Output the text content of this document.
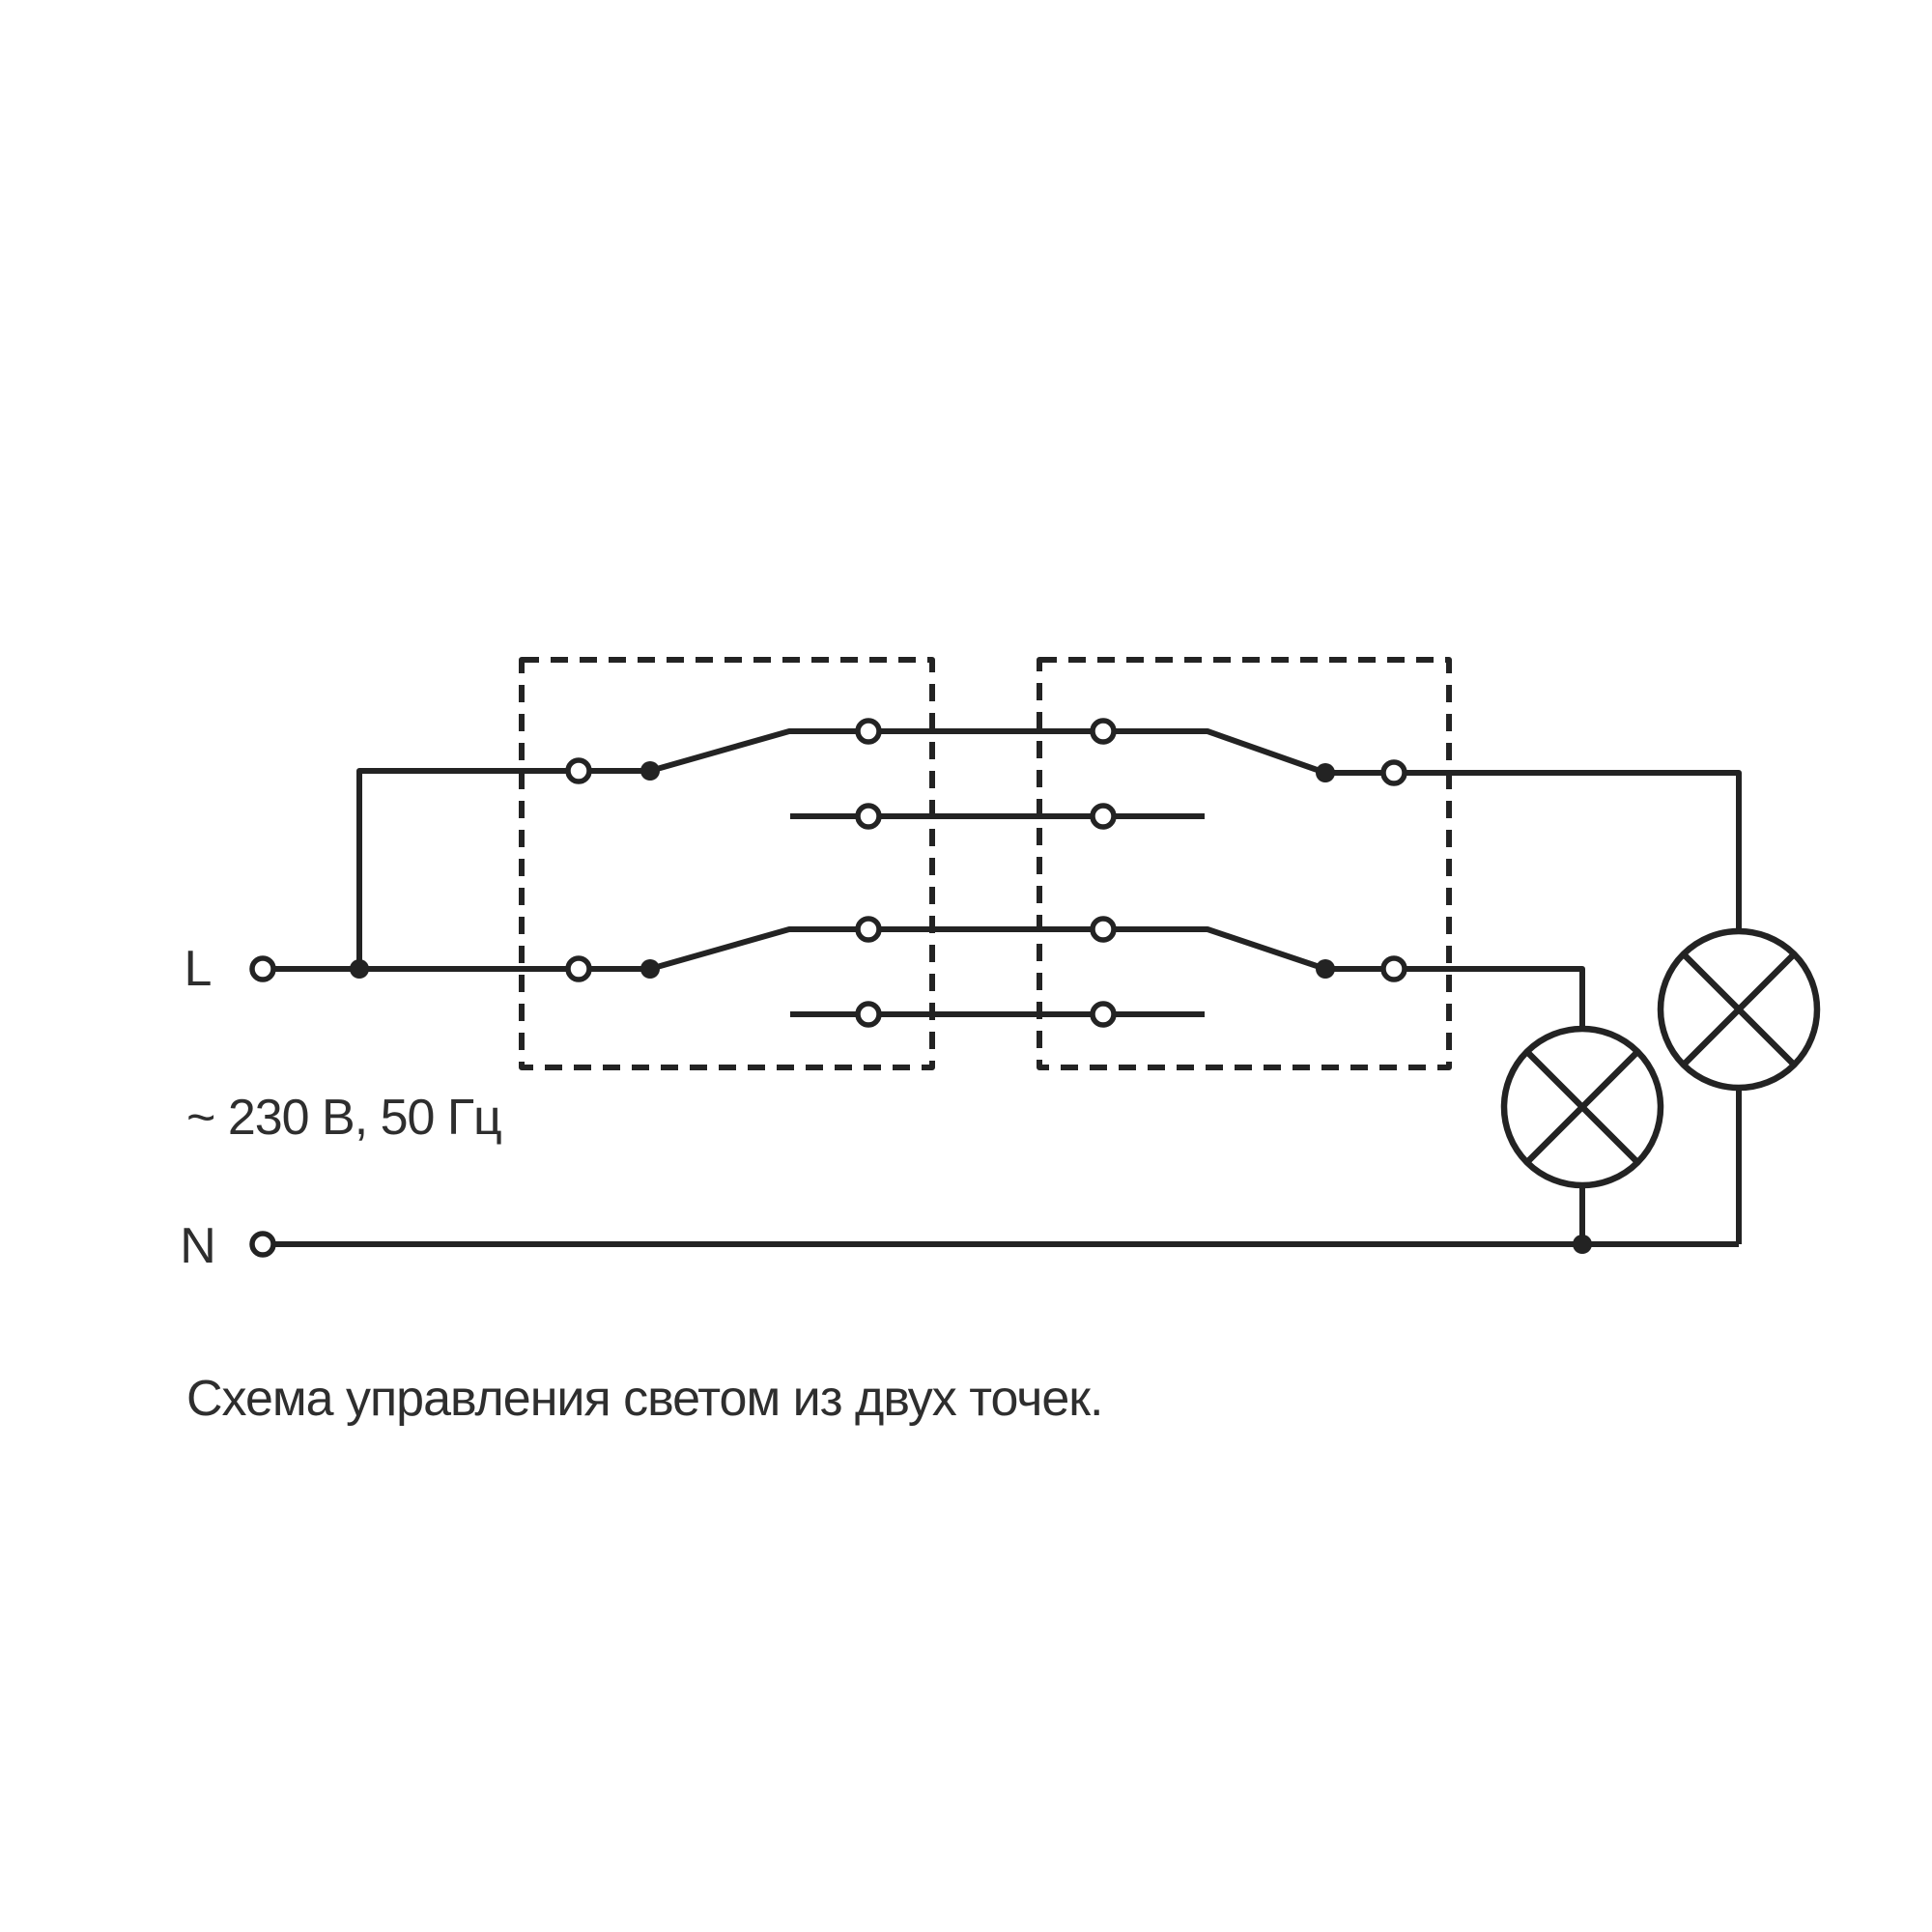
L
N
~ 230 В, 50 Гц
Схема управления светом из двух точек.
